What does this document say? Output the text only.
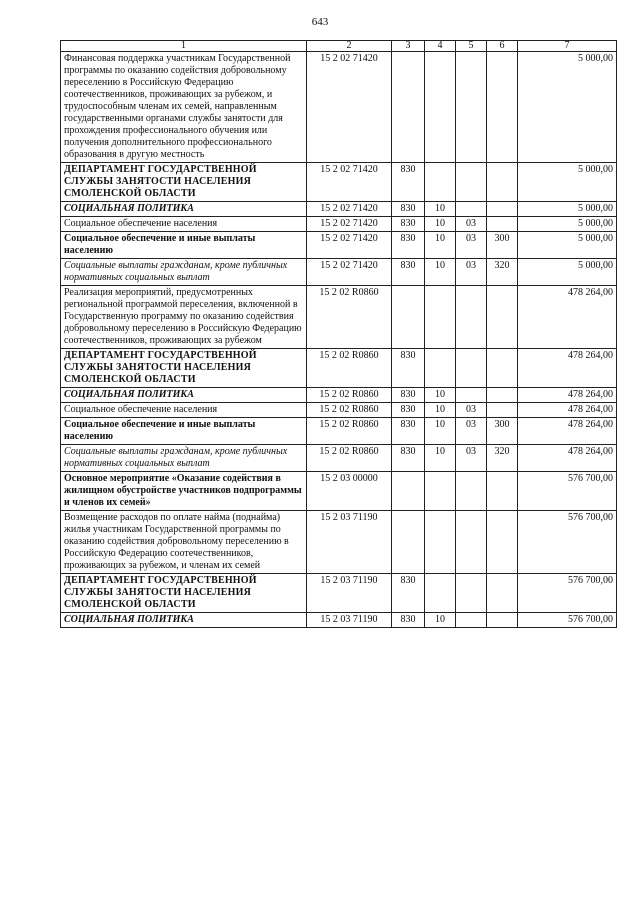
643
1	2	3	4	5	6	7
Финансовая поддержка участникам Государственной программы по оказанию содействия добровольному переселению в Российскую Федерацию соотечественников, проживающих за рубежом, и трудоспособным членам их семей, направленным государственными органами службы занятости для прохождения профессионального обучения или получения дополнительного профессионального образования в другую местность	15 2 02 71420					5 000,00
ДЕПАРТАМЕНТ ГОСУДАРСТВЕННОЙ СЛУЖБЫ ЗАНЯТОСТИ НАСЕЛЕНИЯ СМОЛЕНСКОЙ ОБЛАСТИ	15 2 02 71420	830				5 000,00
СОЦИАЛЬНАЯ ПОЛИТИКА	15 2 02 71420	830	10			5 000,00
Социальное обеспечение населения	15 2 02 71420	830	10	03		5 000,00
Социальное обеспечение и иные выплаты населению	15 2 02 71420	830	10	03	300	5 000,00
Социальные выплаты гражданам, кроме публичных нормативных социальных выплат	15 2 02 71420	830	10	03	320	5 000,00
Реализация мероприятий, предусмотренных региональной программой переселения, включенной в Государственную программу по оказанию содействия добровольному переселению в Российскую Федерацию соотечественников, проживающих за рубежом	15 2 02 R0860					478 264,00
ДЕПАРТАМЕНТ ГОСУДАРСТВЕННОЙ СЛУЖБЫ ЗАНЯТОСТИ НАСЕЛЕНИЯ СМОЛЕНСКОЙ ОБЛАСТИ	15 2 02 R0860	830				478 264,00
СОЦИАЛЬНАЯ ПОЛИТИКА	15 2 02 R0860	830	10			478 264,00
Социальное обеспечение населения	15 2 02 R0860	830	10	03		478 264,00
Социальное обеспечение и иные выплаты населению	15 2 02 R0860	830	10	03	300	478 264,00
Социальные выплаты гражданам, кроме публичных нормативных социальных выплат	15 2 02 R0860	830	10	03	320	478 264,00
Основное мероприятие «Оказание содействия в жилищном обустройстве участников подпрограммы и членов их семей»	15 2 03 00000					576 700,00
Возмещение расходов по оплате найма (поднайма) жилья участникам Государственной программы по оказанию содействия добровольному переселению в Российскую Федерацию соотечественников, проживающих за рубежом, и членам их семей	15 2 03 71190					576 700,00
ДЕПАРТАМЕНТ ГОСУДАРСТВЕННОЙ СЛУЖБЫ ЗАНЯТОСТИ НАСЕЛЕНИЯ СМОЛЕНСКОЙ ОБЛАСТИ	15 2 03 71190	830				576 700,00
СОЦИАЛЬНАЯ ПОЛИТИКА	15 2 03 71190	830	10			576 700,00
